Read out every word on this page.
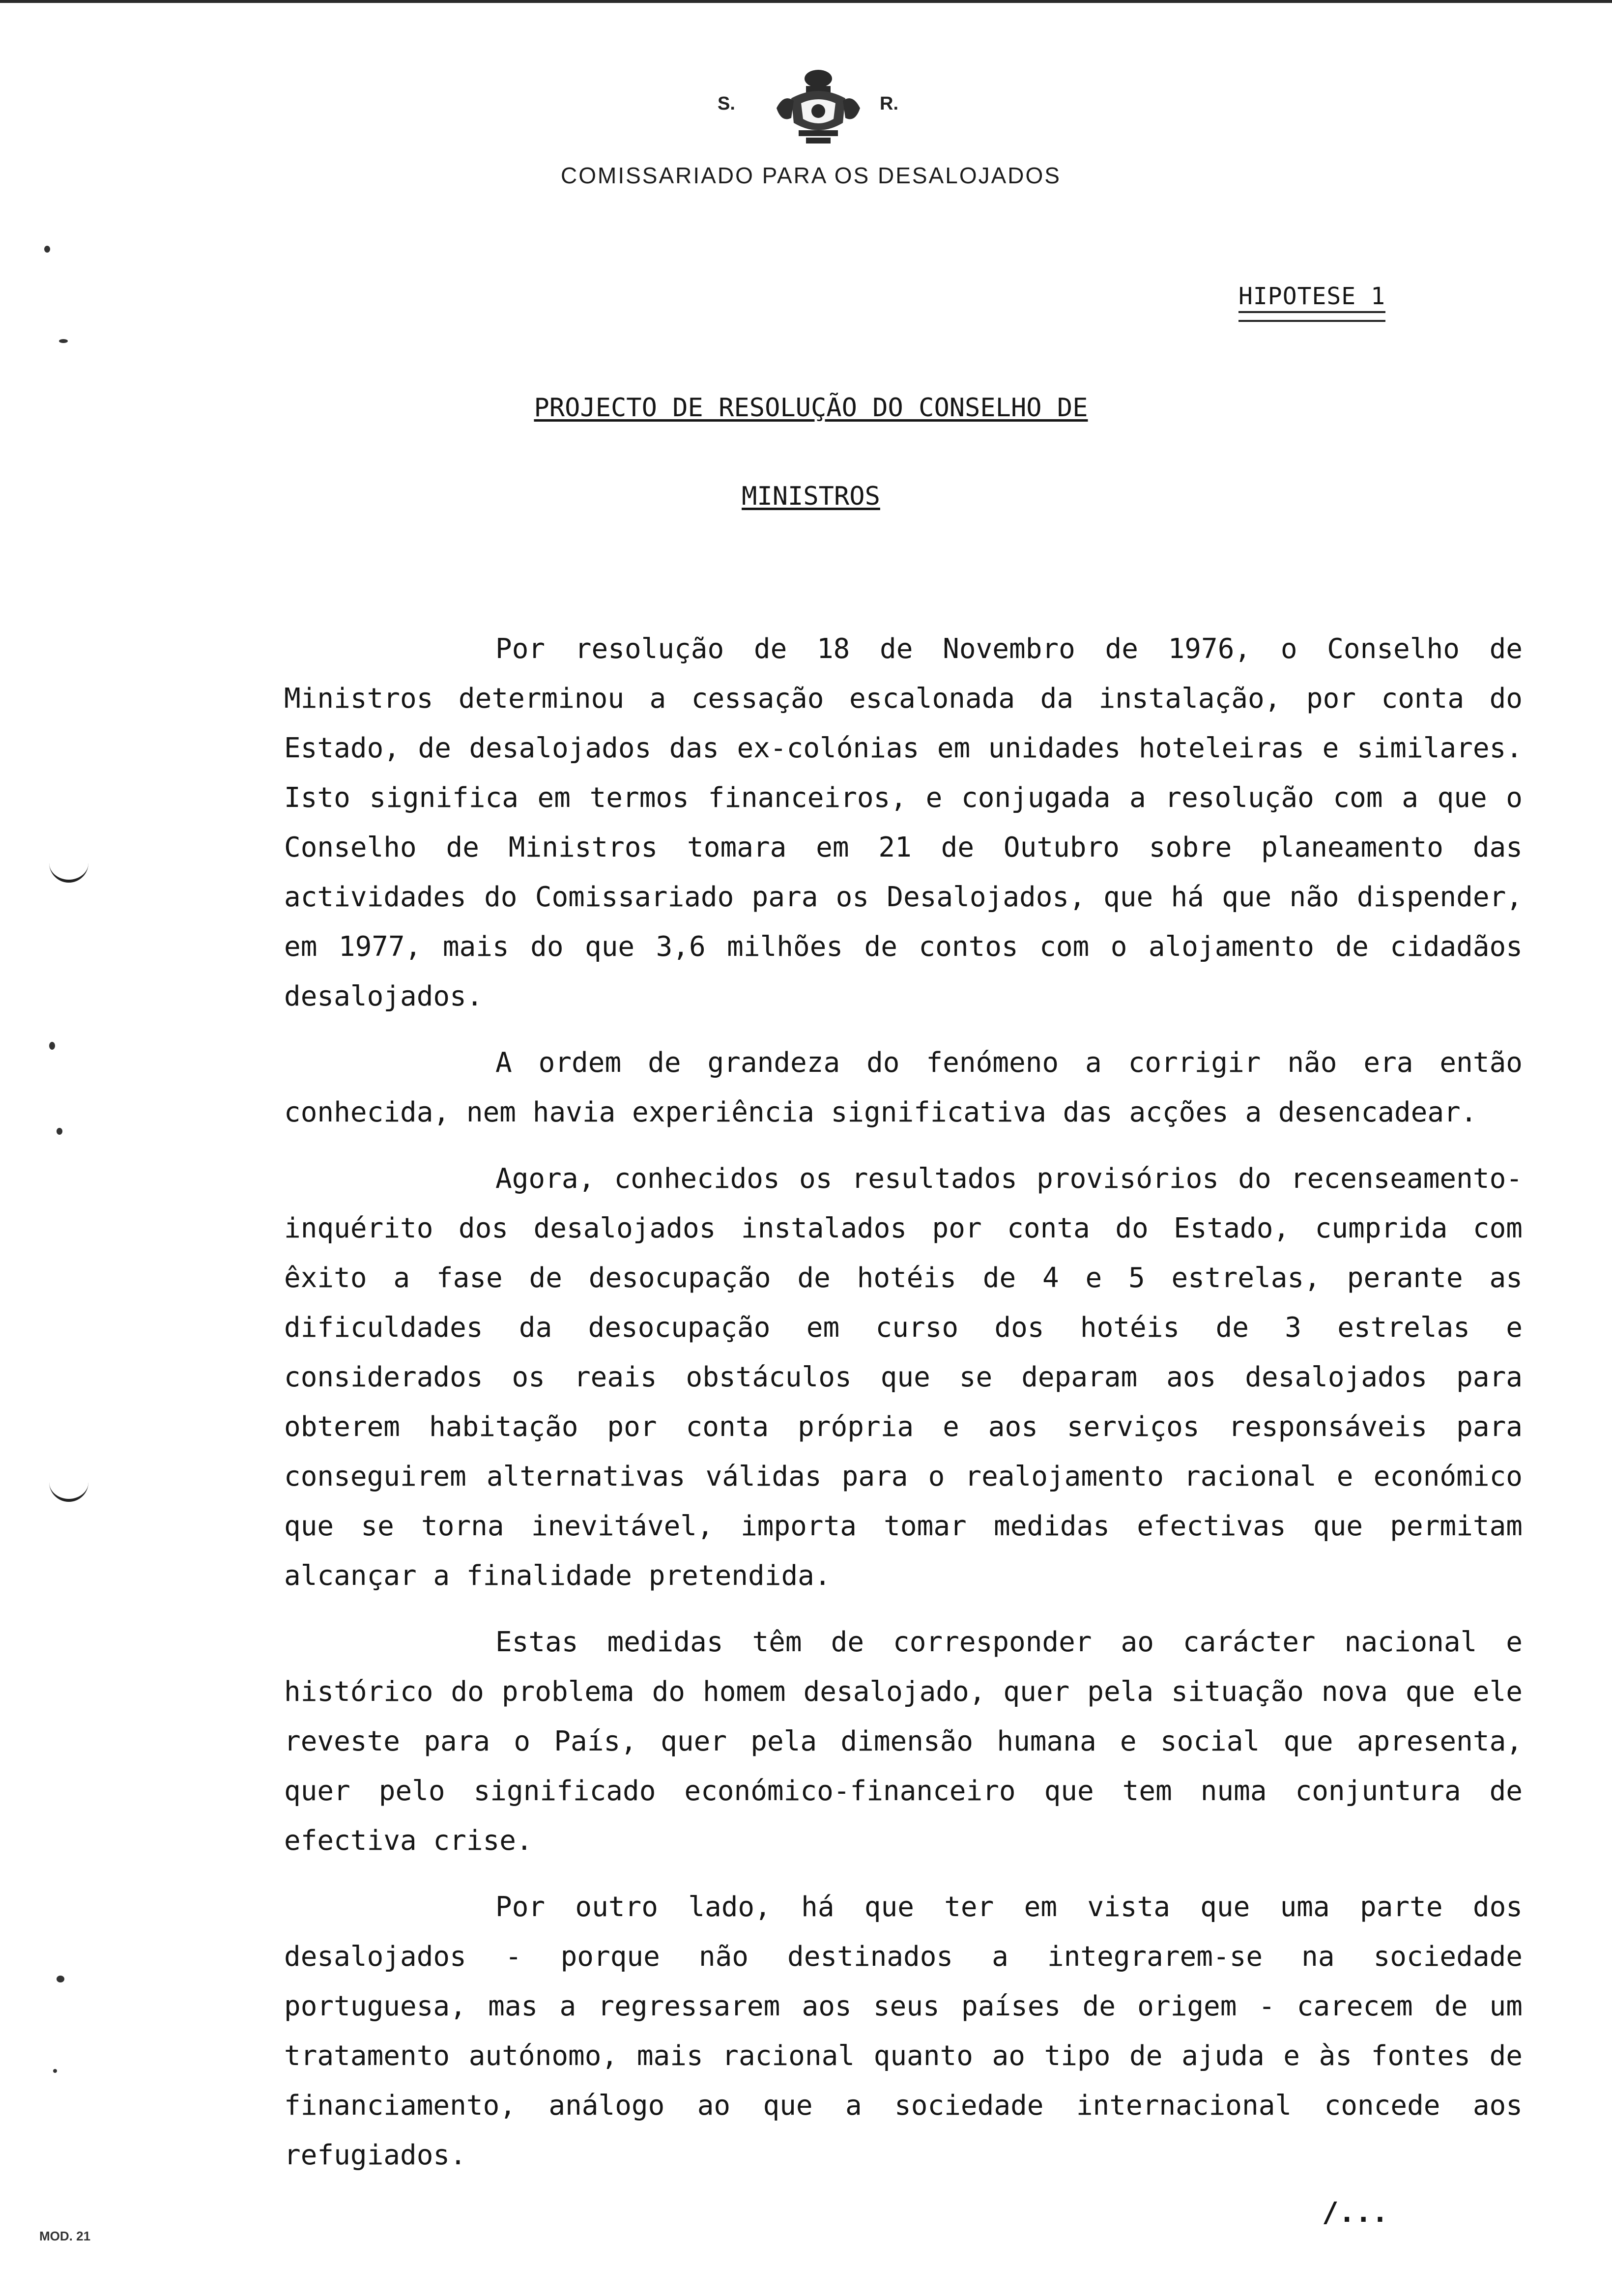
S.	R.
COMISSARIADO PARA OS DESALOJADOS
HIPOTESE 1
PROJECTO DE RESOLUÇÃO DO CONSELHO DE
MINISTROS

Por resolução de 18 de Novembro de 1976, o Conselho de Ministros determinou a cessação escalonada da instalação, por conta do Estado, de desalojados das ex-colónias em unidades hoteleiras e similares. Isto significa em termos financeiros, e conjugada a resolução com a que o Conselho de Ministros tomara em 21 de Outubro sobre planeamento das actividades do Comissariado para os Desalojados, que há que não dispender, em 1977, mais do que 3,6 milhões de contos com o alojamento de cidadãos desalojados.

A ordem de grandeza do fenómeno a corrigir não era então conhecida, nem havia experiência significativa das acções a desencadear.

Agora, conhecidos os resultados provisórios do recenseamento-inquérito dos desalojados instalados por conta do Estado, cumprida com êxito a fase de desocupação de hotéis de 4 e 5 estrelas, perante as dificuldades da desocupação em curso dos hotéis de 3 estrelas e considerados os reais obstáculos que se deparam aos desalojados para obterem habitação por conta própria e aos serviços responsáveis para conseguirem alternativas válidas para o realojamento racional e económico que se torna inevitável, importa tomar medidas efectivas que permitam alcançar a finalidade pretendida.

Estas medidas têm de corresponder ao carácter nacional e histórico do problema do homem desalojado, quer pela situação nova que ele reveste para o País, quer pela dimensão humana e social que apresenta, quer pelo significado económico-financeiro que tem numa conjuntura de efectiva crise.

Por outro lado, há que ter em vista que uma parte dos desalojados - porque não destinados a integrarem-se na sociedade portuguesa, mas a regressarem aos seus países de origem - carecem de um tratamento autónomo, mais racional quanto ao tipo de ajuda e às fontes de financiamento, análogo ao que a sociedade internacional concede aos refugiados.

/...
MOD. 21
